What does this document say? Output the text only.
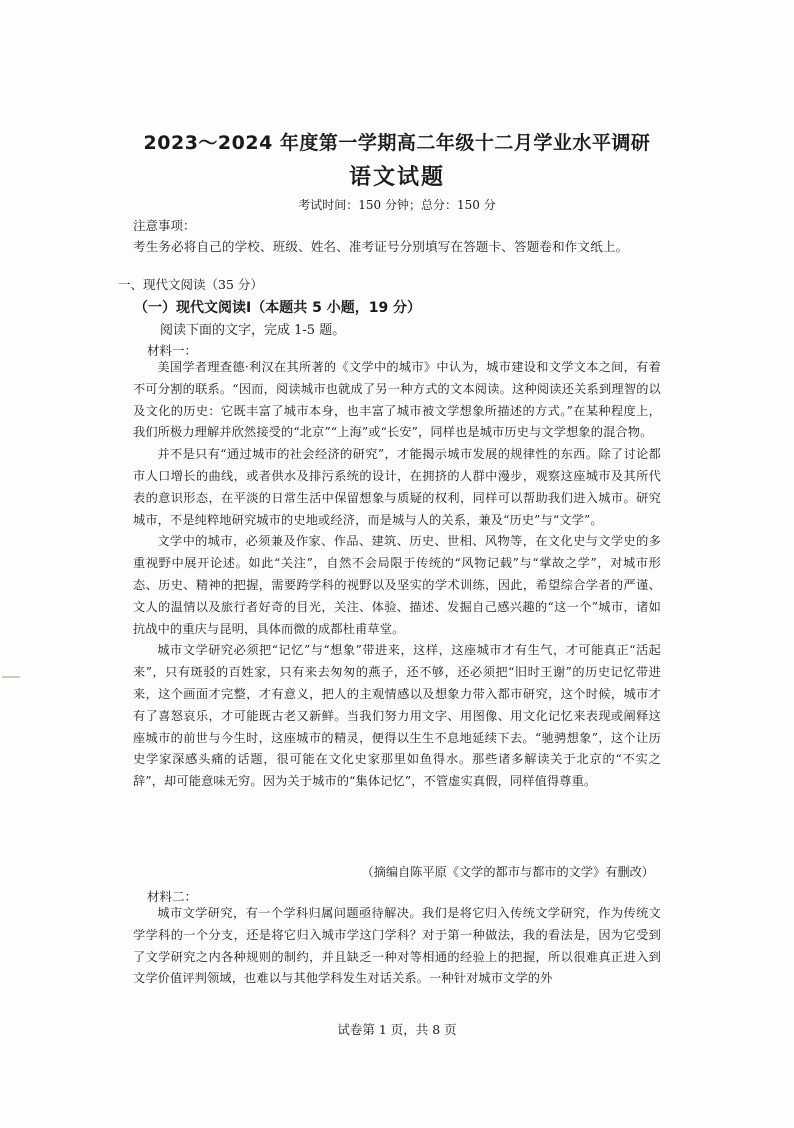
2023～2024 年度第一学期高二年级十二月学业水平调研
语文试题
考试时间：150 分钟；总分：150 分
注意事项：
考生务必将自己的学校、班级、姓名、准考证号分别填写在答题卡、答题卷和作文纸上。
一、现代文阅读（35 分）
（一）现代文阅读Ⅰ（本题共 5 小题，19 分）
阅读下面的文字，完成 1-5 题。
材料一：

美国学者理查德·利汉在其所著的《文学中的城市》中认为，城市建设和文学文本之间，有着不可分割的联系。“因而，阅读城市也就成了另一种方式的文本阅读。这种阅读还关系到理智的以及文化的历史：它既丰富了城市本身，也丰富了城市被文学想象所描述的方式。”在某种程度上，我们所极力理解并欣然接受的“北京”“上海”或“长安”，同样也是城市历史与文学想象的混合物。

并不是只有“通过城市的社会经济的研究”，才能揭示城市发展的规律性的东西。除了讨论都市人口增长的曲线，或者供水及排污系统的设计，在拥挤的人群中漫步，观察这座城市及其所代表的意识形态，在平淡的日常生活中保留想象与质疑的权利，同样可以帮助我们进入城市。研究城市，不是纯粹地研究城市的史地或经济，而是城与人的关系，兼及“历史”与“文学”。

文学中的城市，必须兼及作家、作品、建筑、历史、世相、风物等，在文化史与文学史的多重视野中展开论述。如此“关注”，自然不会局限于传统的“风物记载”与“掌故之学”，对城市形态、历史、精神的把握，需要跨学科的视野以及坚实的学术训练，因此，希望综合学者的严谨、文人的温情以及旅行者好奇的目光，关注、体验、描述、发掘自己感兴趣的“这一个”城市，诸如抗战中的重庆与昆明，具体而微的成都杜甫草堂。

城市文学研究必须把“记忆”与“想象”带进来，这样，这座城市才有生气，才可能真正“活起来”，只有斑驳的百姓家，只有来去匆匆的燕子，还不够，还必须把“旧时王谢”的历史记忆带进来，这个画面才完整，才有意义，把人的主观情感以及想象力带入都市研究，这个时候，城市才有了喜怒哀乐，才可能既古老又新鲜。当我们努力用文字、用图像、用文化记忆来表现或阐释这座城市的前世与今生时，这座城市的精灵，便得以生生不息地延续下去。“驰骋想象”，这个让历史学家深感头痛的话题，很可能在文化史家那里如鱼得水。那些诸多解读关于北京的“不实之辞”，却可能意味无穷。因为关于城市的“集体记忆”，不管虚实真假，同样值得尊重。

（摘编自陈平原《文学的都市与都市的文学》有删改）
材料二：

城市文学研究，有一个学科归属问题亟待解决。我们是将它归入传统文学研究，作为传统文学学科的一个分支，还是将它归入城市学这门学科？对于第一种做法，我的看法是，因为它受到了文学研究之内各种规则的制约，并且缺乏一种对等相通的经验上的把握，所以很难真正进入到文学价值评判领域，也难以与其他学科发生对话关系。一种针对城市文学的外

试卷第 1 页，共 8 页
